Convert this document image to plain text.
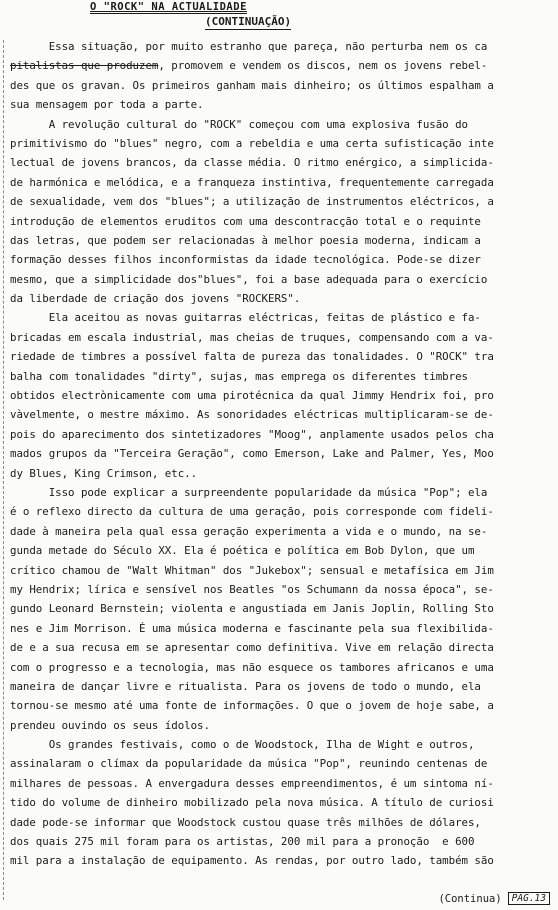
O "ROCK" NA ACTUALIDADE
(CONTINUAÇÃO)
Essa situação, por muito estranho que pareça, não perturba nem os ca
pitalistas que produzem, promovem e vendem os discos, nem os jovens rebel-
des que os gravan. Os primeiros ganham mais dinheiro; os últimos espalham a
sua mensagem por toda a parte.
A revolução cultural do "ROCK" começou com uma explosiva fusão do
primitivismo do "blues" negro, com a rebeldia e uma certa sufisticação inte
lectual de jovens brancos, da classe média. O ritmo enérgico, a simplicida-
de harmónica e melódica, e a franqueza instintiva, frequentemente carregada
de sexualidade, vem dos "blues"; a utilização de instrumentos eléctricos, a
introdução de elementos eruditos com uma descontracção total e o requinte
das letras, que podem ser relacionadas à melhor poesia moderna, indicam a
formação desses filhos inconformistas da idade tecnológica. Pode-se dizer
mesmo, que a simplicidade dos"blues", foi a base adequada para o exercício
da liberdade de criação dos jovens "ROCKERS".
Ela aceitou as novas guitarras eléctricas, feitas de plástico e fa-
bricadas em escala industrial, mas cheias de truques, compensando com a va-
riedade de timbres a possível falta de pureza das tonalidades. O "ROCK" tra
balha com tonalidades "dirty", sujas, mas emprega os diferentes timbres
obtidos electrònicamente com uma pirotécnica da qual Jimmy Hendrix foi, pro
vàvelmente, o mestre máximo. As sonoridades eléctricas multiplicaram-se de-
pois do aparecimento dos sintetizadores "Moog", anplamente usados pelos cha
mados grupos da "Terceira Geração", como Emerson, Lake and Palmer, Yes, Moo
dy Blues, King Crimson, etc..
Isso pode explicar a surpreendente popularidade da música "Pop"; ela
é o reflexo directo da cultura de uma geração, pois corresponde com fideli-
dade à maneira pela qual essa geração experimenta a vida e o mundo, na se-
gunda metade do Século XX. Ela é poética e política em Bob Dylon, que um
crítico chamou de "Walt Whitman" dos "Jukebox"; sensual e metafísica em Jim
my Hendrix; lírica e sensível nos Beatles "os Schumann da nossa época", se-
gundo Leonard Bernstein; violenta e angustiada em Janis Joplin, Rolling Sto
nes e Jim Morrison. É uma música moderna e fascinante pela sua flexibilida-
de e a sua recusa em se apresentar como definitiva. Vive em relação directa
com o progresso e a tecnologia, mas não esquece os tambores africanos e uma
maneira de dançar livre e ritualista. Para os jovens de todo o mundo, ela
tornou-se mesmo até uma fonte de informações. O que o jovem de hoje sabe, a
prendeu ouvindo os seus ídolos.
Os grandes festivais, como o de Woodstock, Ilha de Wight e outros,
assinalaram o clímax da popularidade da música "Pop", reunindo centenas de
milhares de pessoas. A envergadura desses empreendimentos, é um sintoma ní-
tido do volume de dinheiro mobilizado pela nova música. A título de curiosi
dade pode-se informar que Woodstock custou quase três milhões de dólares,
dos quais 275 mil foram para os artistas, 200 mil para a pronoção  e 600
mil para a instalação de equipamento. As rendas, por outro lado, também são
(Continua)	PÁG.13
